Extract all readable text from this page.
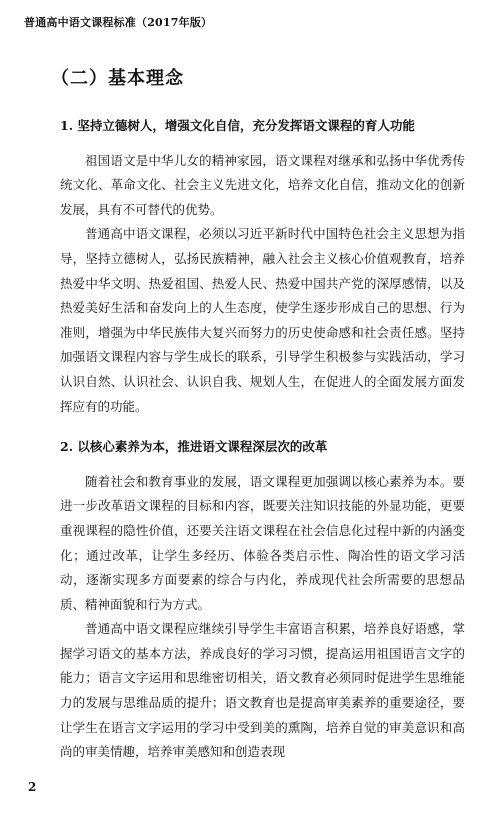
普通高中语文课程标准（2017年版）
（二）基本理念

1. 坚持立德树人，增强文化自信，充分发挥语文课程的育人功能

祖国语文是中华儿女的精神家园，语文课程对继承和弘扬中华优秀传统文化、革命文化、社会主义先进文化，培养文化自信，推动文化的创新发展，具有不可替代的优势。

普通高中语文课程，必须以习近平新时代中国特色社会主义思想为指导，坚持立德树人，弘扬民族精神，融入社会主义核心价值观教育，培养热爱中华文明、热爱祖国、热爱人民、热爱中国共产党的深厚感情，以及热爱美好生活和奋发向上的人生态度，使学生逐步形成自己的思想、行为准则，增强为中华民族伟大复兴而努力的历史使命感和社会责任感。坚持加强语文课程内容与学生成长的联系，引导学生积极参与实践活动，学习认识自然、认识社会、认识自我、规划人生，在促进人的全面发展方面发挥应有的功能。

2. 以核心素养为本，推进语文课程深层次的改革

随着社会和教育事业的发展，语文课程更加强调以核心素养为本。要进一步改革语文课程的目标和内容，既要关注知识技能的外显功能，更要重视课程的隐性价值，还要关注语文课程在社会信息化过程中新的内涵变化；通过改革，让学生多经历、体验各类启示性、陶冶性的语文学习活动，逐渐实现多方面要素的综合与内化，养成现代社会所需要的思想品质、精神面貌和行为方式。

普通高中语文课程应继续引导学生丰富语言积累，培养良好语感，掌握学习语文的基本方法，养成良好的学习习惯，提高运用祖国语言文字的能力；语言文字运用和思维密切相关，语文教育必须同时促进学生思维能力的发展与思维品质的提升；语文教育也是提高审美素养的重要途径，要让学生在语言文字运用的学习中受到美的熏陶，培养自觉的审美意识和高尚的审美情趣，培养审美感知和创造表现

2
